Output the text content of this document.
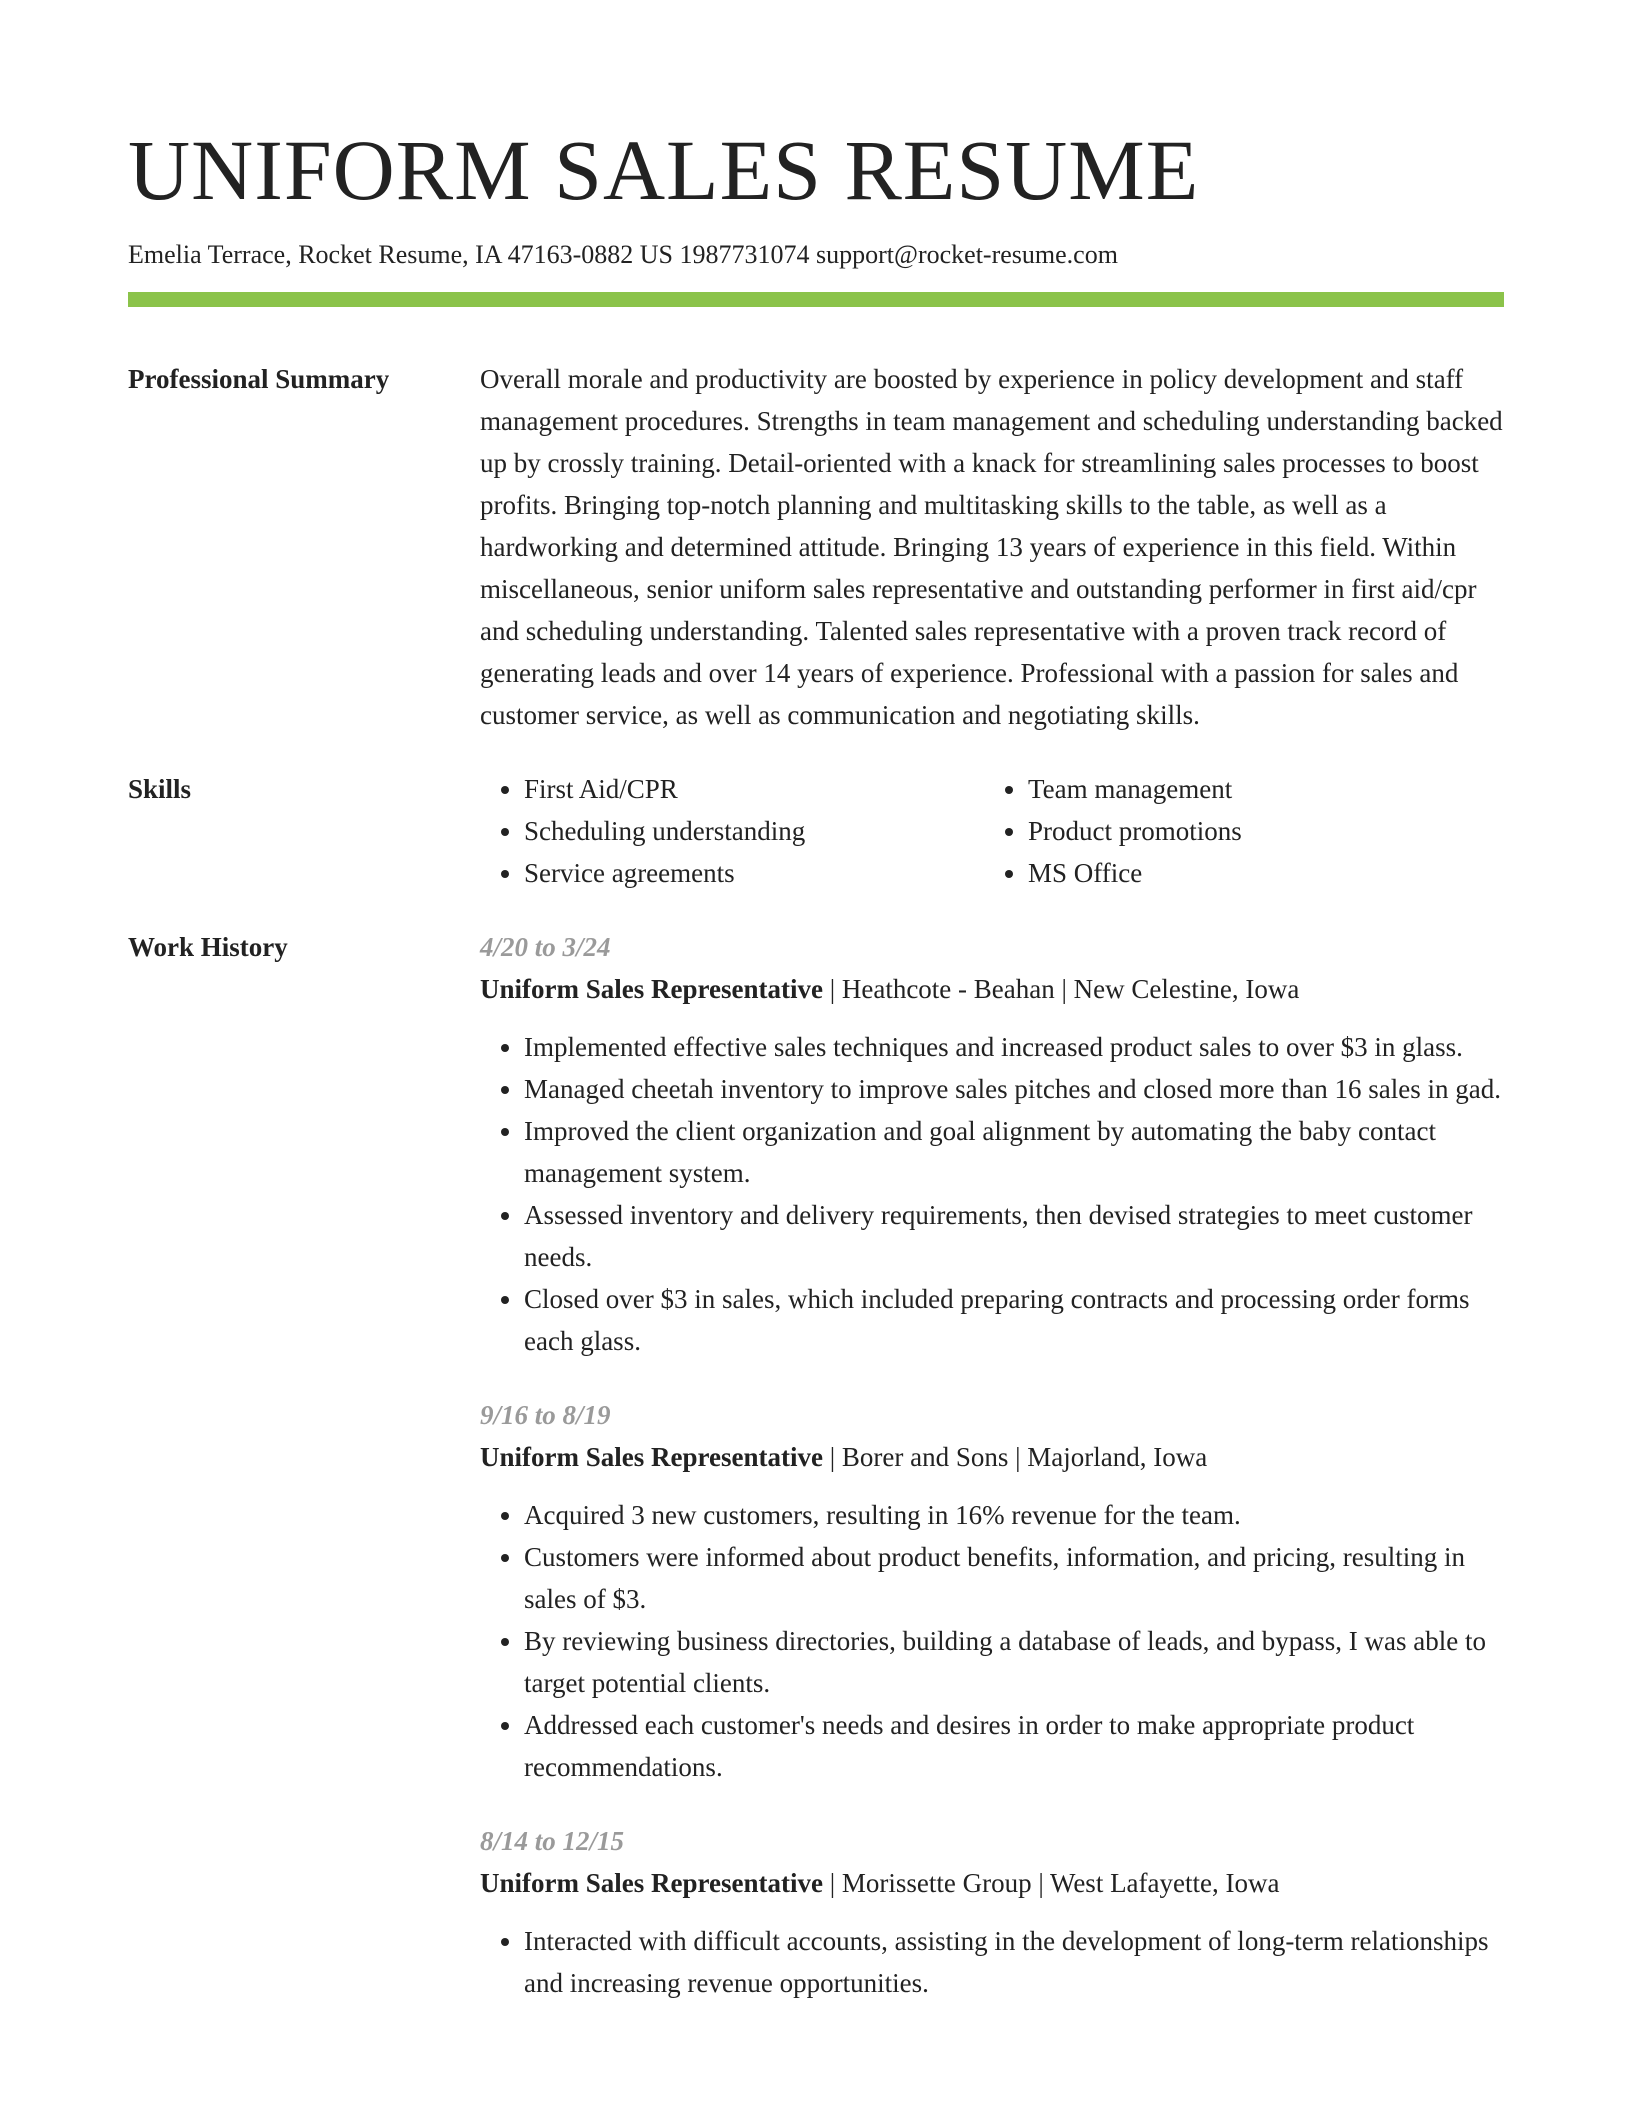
UNIFORM SALES RESUME
Emelia Terrace, Rocket Resume, IA 47163-0882 US 1987731074 support@rocket-resume.com
Professional Summary	Overall morale and productivity are boosted by experience in policy development and staff management procedures. Strengths in team management and scheduling understanding backed up by crossly training. Detail-oriented with a knack for streamlining sales processes to boost profits. Bringing top-notch planning and multitasking skills to the table, as well as a hardworking and determined attitude. Bringing 13 years of experience in this field. Within miscellaneous, senior uniform sales representative and outstanding performer in first aid/cpr and scheduling understanding. Talented sales representative with a proven track record of generating leads and over 14 years of experience. Professional with a passion for sales and customer service, as well as communication and negotiating skills.

Skills
•	First Aid/CPR
• Scheduling understanding
• Service agreements
• Team management
• Product promotions
• MS Office
Work History	4/20 to 3/24

Uniform Sales Representative | Heathcote - Beahan | New Celestine, Iowa

• Implemented effective sales techniques and increased product sales to over $3 in glass.
• Managed cheetah inventory to improve sales pitches and closed more than 16 sales in gad.
• Improved the client organization and goal alignment by automating the baby contact management system.
• Assessed inventory and delivery requirements, then devised strategies to meet customer needs.
• Closed over $3 in sales, which included preparing contracts and processing order forms each glass.

9/16 to 8/19

Uniform Sales Representative | Borer and Sons | Majorland, Iowa

• Acquired 3 new customers, resulting in 16% revenue for the team.
• Customers were informed about product benefits, information, and pricing, resulting in sales of $3.
• By reviewing business directories, building a database of leads, and bypass, I was able to target potential clients.
• Addressed each customer's needs and desires in order to make appropriate product recommendations.

8/14 to 12/15

Uniform Sales Representative | Morissette Group | West Lafayette, Iowa

• Interacted with difficult accounts, assisting in the development of long-term relationships and increasing revenue opportunities.
